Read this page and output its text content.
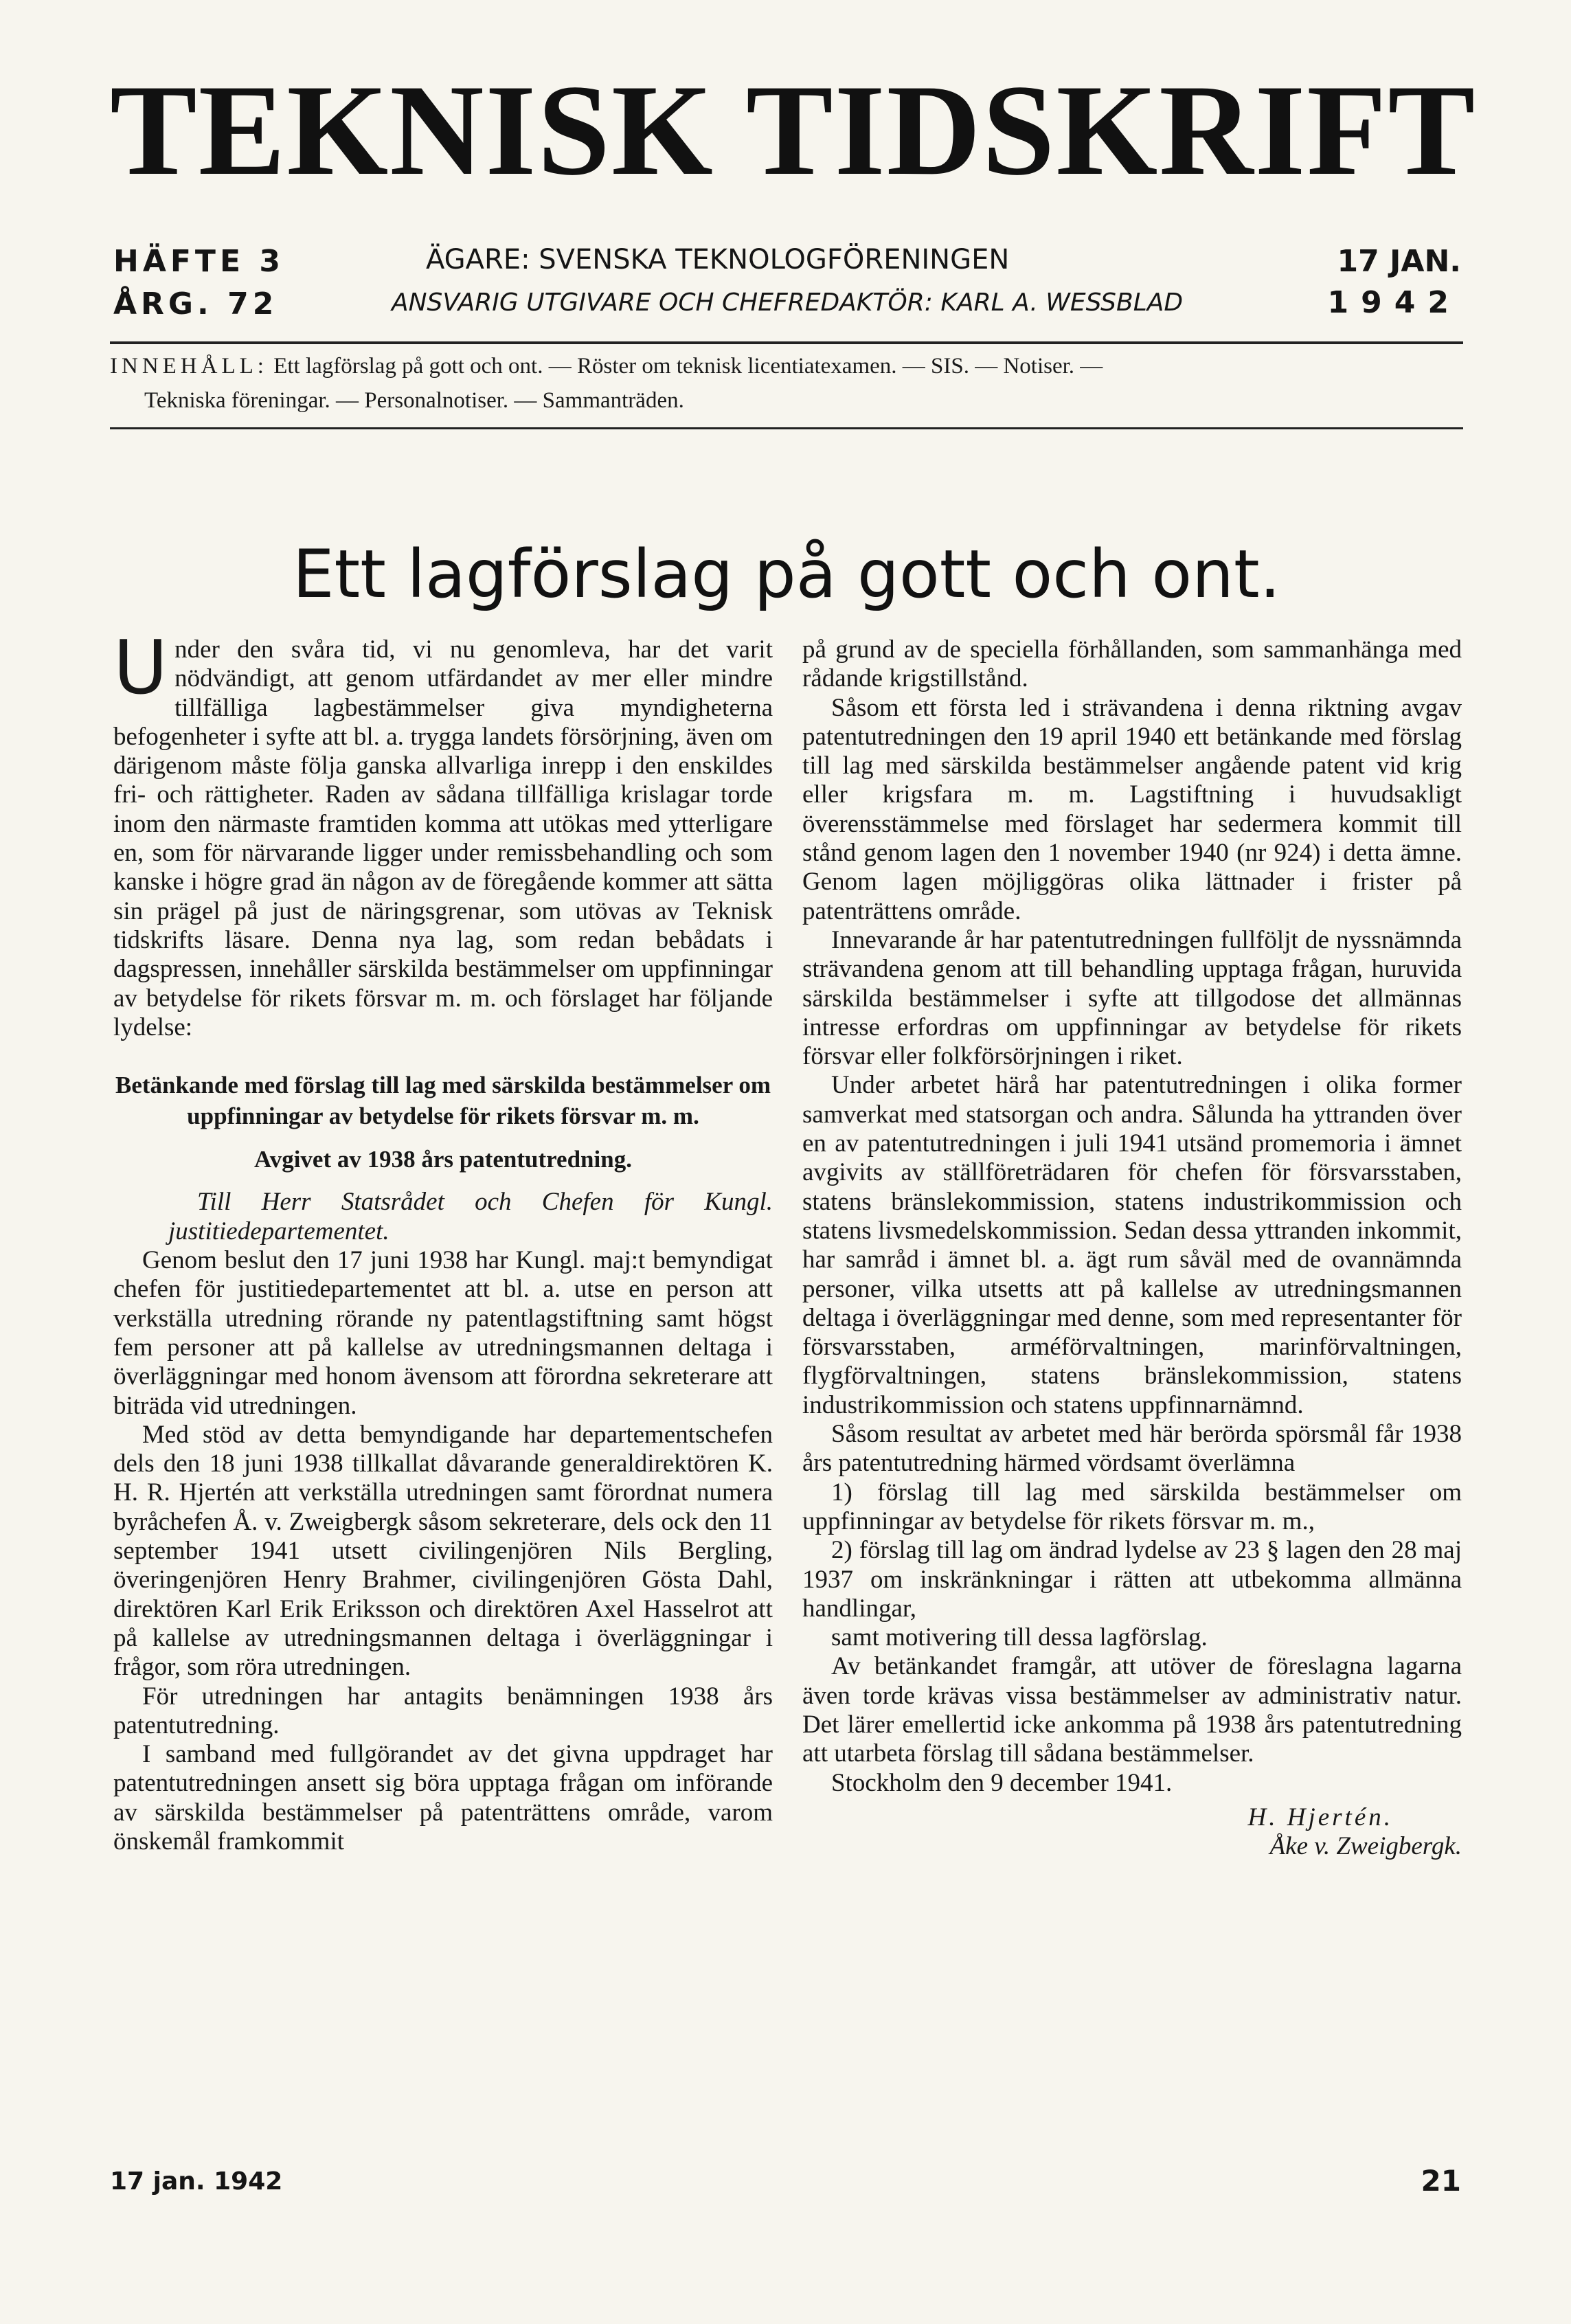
TEKNISK TIDSKRIFT
HÄFTE 3
ÅRG. 72
ÄGARE: SVENSKA TEKNOLOGFÖRENINGEN
ANSVARIG UTGIVARE OCH CHEFREDAKTÖR: KARL A. WESSBLAD
17 JAN.
1942
INNEHÅLL: Ett lagförslag på gott och ont. — Röster om teknisk licentiatexamen. — SIS. — Notiser. —
Tekniska föreningar. — Personalnotiser. — Sammanträden.
Ett lagförslag på gott och ont.

Under den svåra tid, vi nu genomleva, har det varit nödvändigt, att genom utfärdandet av mer eller mindre tillfälliga lagbestämmelser giva myndigheterna befogenheter i syfte att bl. a. trygga landets försörjning, även om därigenom måste följa ganska allvarliga inrepp i den enskildes fri- och rättigheter. Raden av sådana tillfälliga krislagar torde inom den närmaste framtiden komma att utökas med ytterligare en, som för närvarande ligger under remissbehandling och som kanske i högre grad än någon av de föregående kommer att sätta sin prägel på just de näringsgrenar, som utövas av Teknisk tidskrifts läsare. Denna nya lag, som redan bebådats i dagspressen, innehåller särskilda bestämmelser om uppfinningar av betydelse för rikets försvar m. m. och förslaget har följande lydelse:

Betänkande med förslag till lag med särskilda bestämmelser om uppfinningar av betydelse för rikets försvar m. m.
Avgivet av 1938 års patentutredning.

Till Herr Statsrådet och Chefen för Kungl. justitiedepartementet.

Genom beslut den 17 juni 1938 har Kungl. maj:t bemyndigat chefen för justitiedepartementet att bl. a. utse en person att verkställa utredning rörande ny patentlagstiftning samt högst fem personer att på kallelse av utredningsmannen deltaga i överläggningar med honom ävensom att förordna sekreterare att biträda vid utredningen.

Med stöd av detta bemyndigande har departementschefen dels den 18 juni 1938 tillkallat dåvarande generaldirektören K. H. R. Hjertén att verkställa utredningen samt förordnat numera byråchefen Å. v. Zweigbergk såsom sekreterare, dels ock den 11 september 1941 utsett civilingenjören Nils Bergling, överingenjören Henry Brahmer, civilingenjören Gösta Dahl, direktören Karl Erik Eriksson och direktören Axel Hasselrot att på kallelse av utredningsmannen deltaga i överläggningar i frågor, som röra utredningen.

För utredningen har antagits benämningen 1938 års patentutredning.

I samband med fullgörandet av det givna uppdraget har patentutredningen ansett sig böra upptaga frågan om införande av särskilda bestämmelser på patenträttens område, varom önskemål framkommit

på grund av de speciella förhållanden, som sammanhänga med rådande krigstillstånd.

Såsom ett första led i strävandena i denna riktning avgav patentutredningen den 19 april 1940 ett betänkande med förslag till lag med särskilda bestämmelser angående patent vid krig eller krigsfara m. m. Lagstiftning i huvudsakligt överensstämmelse med förslaget har sedermera kommit till stånd genom lagen den 1 november 1940 (nr 924) i detta ämne. Genom lagen möjliggöras olika lättnader i frister på patenträttens område.

Innevarande år har patentutredningen fullföljt de nyssnämnda strävandena genom att till behandling upptaga frågan, huruvida särskilda bestämmelser i syfte att tillgodose det allmännas intresse erfordras om uppfinningar av betydelse för rikets försvar eller folkförsörjningen i riket.

Under arbetet härå har patentutredningen i olika former samverkat med statsorgan och andra. Sålunda ha yttranden över en av patentutredningen i juli 1941 utsänd promemoria i ämnet avgivits av ställföreträdaren för chefen för försvarsstaben, statens bränslekommission, statens industrikommission och statens livsmedelskommission. Sedan dessa yttranden inkommit, har samråd i ämnet bl. a. ägt rum såväl med de ovannämnda personer, vilka utsetts att på kallelse av utredningsmannen deltaga i överläggningar med denne, som med representanter för försvarsstaben, arméförvaltningen, marinförvaltningen, flygförvaltningen, statens bränslekommission, statens industrikommission och statens uppfinnarnämnd.

Såsom resultat av arbetet med här berörda spörsmål får 1938 års patentutredning härmed vördsamt överlämna

1) förslag till lag med särskilda bestämmelser om uppfinningar av betydelse för rikets försvar m. m.,

2) förslag till lag om ändrad lydelse av 23 § lagen den 28 maj 1937 om inskränkningar i rätten att utbekomma allmänna handlingar,

samt motivering till dessa lagförslag.

Av betänkandet framgår, att utöver de föreslagna lagarna även torde krävas vissa bestämmelser av administrativ natur. Det lärer emellertid icke ankomma på 1938 års patentutredning att utarbeta förslag till sådana bestämmelser.

Stockholm den 9 december 1941.

H. Hjertén.
Åke v. Zweigbergk.
17 jan. 1942	21
